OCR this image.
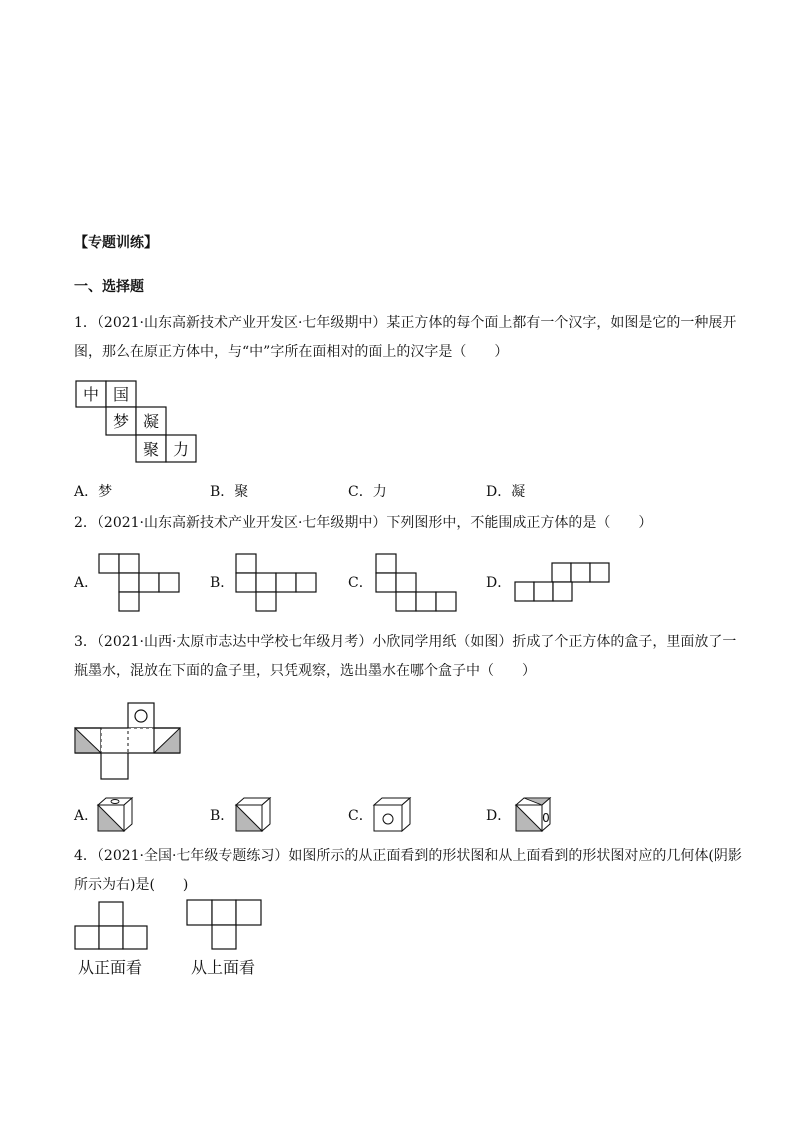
【专题训练】
一、选择题
1．（2021·山东高新技术产业开发区·七年级期中）某正方体的每个面上都有一个汉字，如图是它的一种展开
图，那么在原正方体中，与“中”字所在面相对的面上的汉字是（　　）
中 国
梦 凝
聚 力
A．梦	B．聚	C．力	D．凝
2．（2021·山东高新技术产业开发区·七年级期中）下列图形中，不能围成正方体的是（　　）
A．	B．	C．	D．
3．（2021·山西·太原市志达中学校七年级月考）小欣同学用纸（如图）折成了个正方体的盒子，里面放了一
瓶墨水，混放在下面的盒子里，只凭观察，选出墨水在哪个盒子中（　　）
A．	B．	C．	D．	0
4．（2021·全国·七年级专题练习）如图所示的从正面看到的形状图和从上面看到的形状图对应的几何体(阴影
所示为右)是(　　)
从正面看	从上面看
